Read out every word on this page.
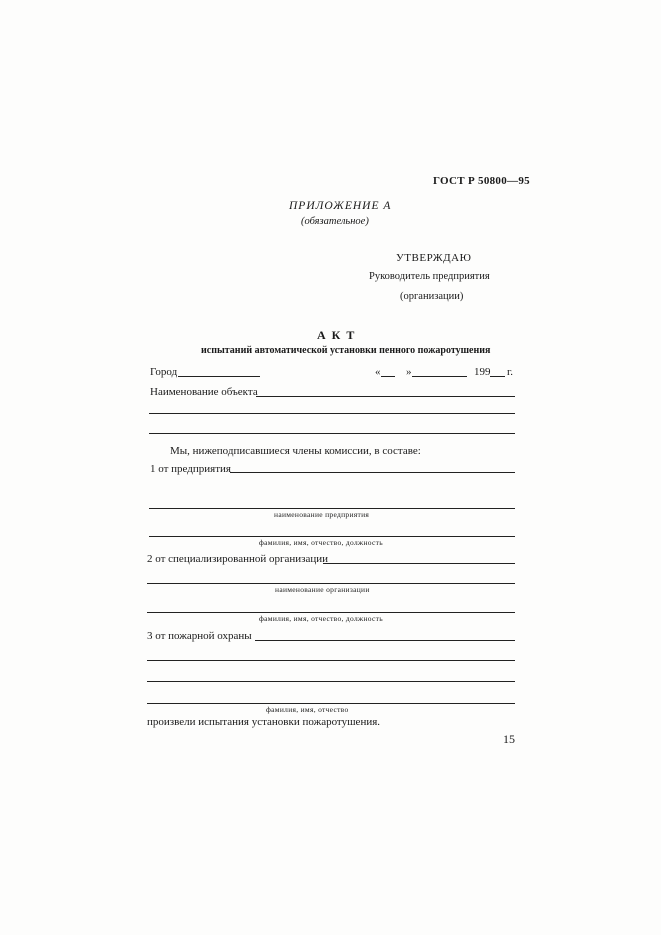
ГОСТ Р 50800—95
ПРИЛОЖЕНИЕ А
(обязательное)
УТВЕРЖДАЮ
Руководитель предприятия
(организации)
АКТ
испытаний автоматической установки пенного пожаротушения
Город	« »	199 г.
Наименование объекта
Мы, нижеподписавшиеся члены комиссии, в составе:
1 от предприятия
наименование предприятия
фамилия, имя, отчество, должность
2 от специализированной организации
наименование организации
фамилия, имя, отчество, должность
3 от пожарной охраны
фамилия, имя, отчество
произвели испытания установки пожаротушения.
15
